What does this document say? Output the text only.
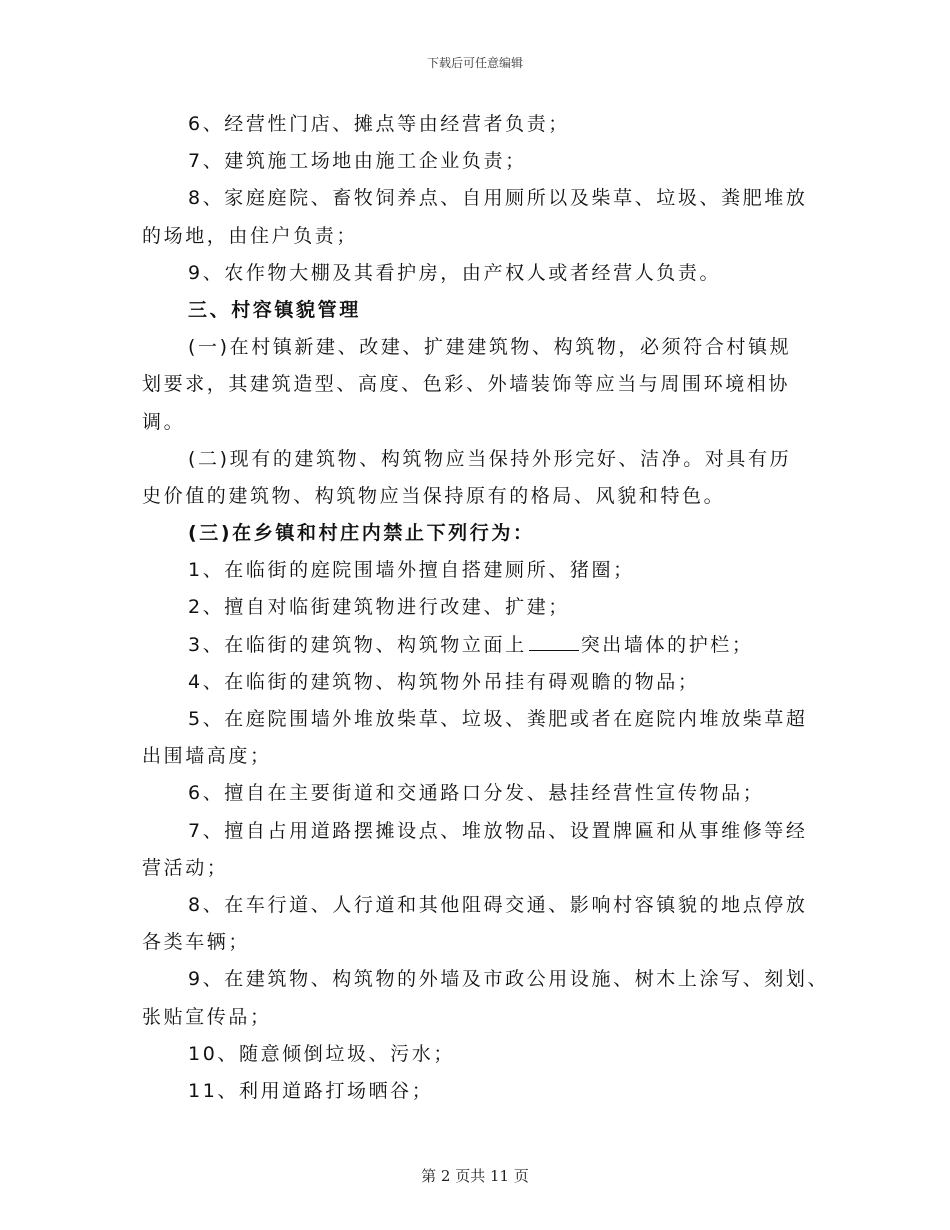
下载后可任意编辑
6、经营性门店、摊点等由经营者负责；
7、建筑施工场地由施工企业负责；
8、家庭庭院、畜牧饲养点、自用厕所以及柴草、垃圾、粪肥堆放
的场地，由住户负责；
9、农作物大棚及其看护房，由产权人或者经营人负责。
三、村容镇貌管理
(一)在村镇新建、改建、扩建建筑物、构筑物，必须符合村镇规
划要求，其建筑造型、高度、色彩、外墙装饰等应当与周围环境相协
调。
(二)现有的建筑物、构筑物应当保持外形完好、洁净。对具有历
史价值的建筑物、构筑物应当保持原有的格局、风貌和特色。
(三)在乡镇和村庄内禁止下列行为：
1、在临街的庭院围墙外擅自搭建厕所、猪圈；
2、擅自对临街建筑物进行改建、扩建；
3、在临街的建筑物、构筑物立面上	突出墙体的护栏；
4、在临街的建筑物、构筑物外吊挂有碍观瞻的物品；
5、在庭院围墙外堆放柴草、垃圾、粪肥或者在庭院内堆放柴草超
出围墙高度；
6、擅自在主要街道和交通路口分发、悬挂经营性宣传物品；
7、擅自占用道路摆摊设点、堆放物品、设置牌匾和从事维修等经
营活动；
8、在车行道、人行道和其他阻碍交通、影响村容镇貌的地点停放
各类车辆；
9、在建筑物、构筑物的外墙及市政公用设施、树木上涂写、刻划、
张贴宣传品；
10、随意倾倒垃圾、污水；
11、利用道路打场晒谷；
第 2 页共 11 页
